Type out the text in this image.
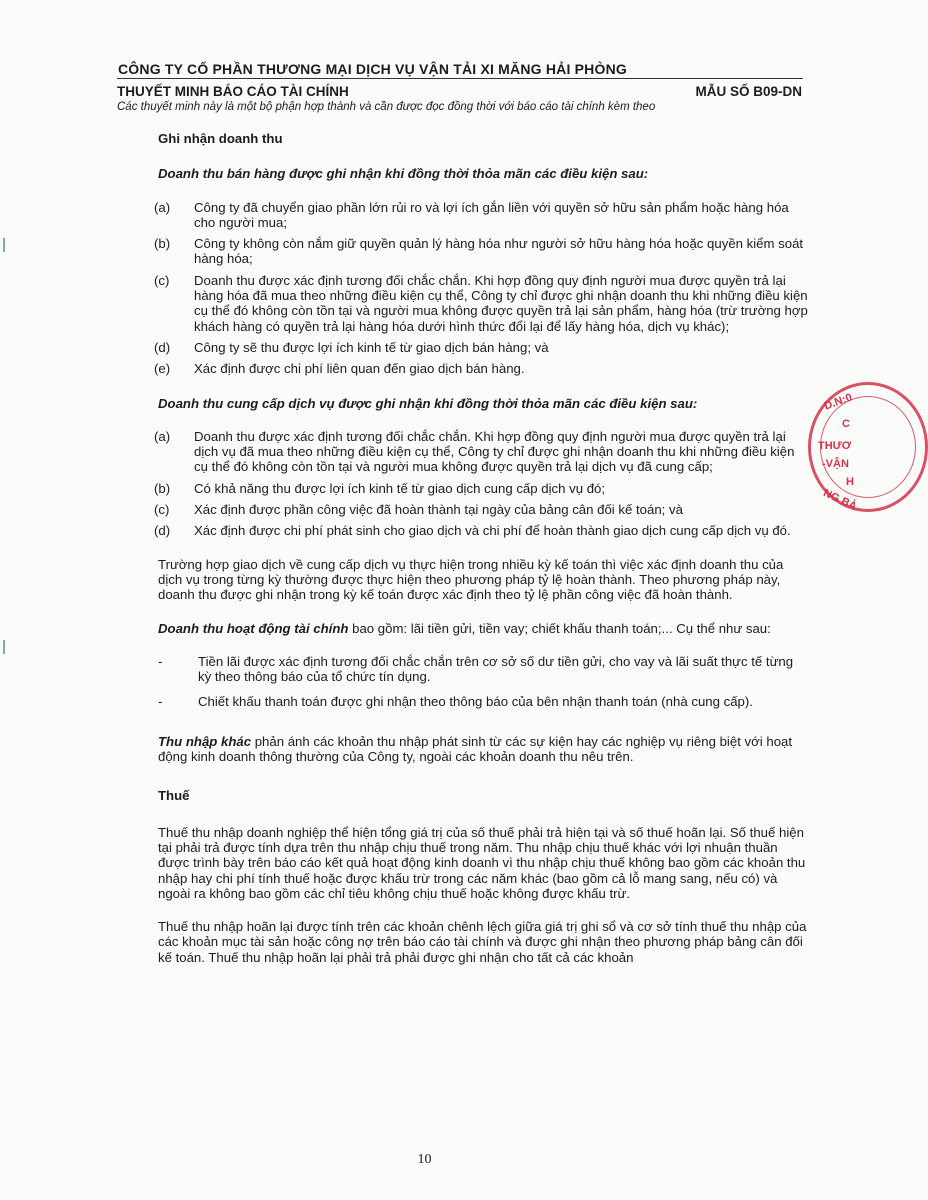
CÔNG TY CỔ PHẦN THƯƠNG MẠI DỊCH VỤ VẬN TẢI XI MĂNG HẢI PHÒNG
THUYẾT MINH BÁO CÁO TÀI CHÍNH	MẪU SỐ B09-DN
Các thuyết minh này là một bộ phận hợp thành và cần được đọc đồng thời với báo cáo tài chính kèm theo
D.N:0
C
THƯƠ
-VẬN
H
NG BÀ

Ghi nhận doanh thu

Doanh thu bán hàng được ghi nhận khi đồng thời thỏa mãn các điều kiện sau:

(a)	Công ty đã chuyển giao phần lớn rủi ro và lợi ích gắn liền với quyền sở hữu sản phẩm hoặc hàng hóa cho người mua;
(b)	Công ty không còn nắm giữ quyền quản lý hàng hóa như người sở hữu hàng hóa hoặc quyền kiểm soát hàng hóa;
(c)	Doanh thu được xác định tương đối chắc chắn. Khi hợp đồng quy định người mua được quyền trả lại hàng hóa đã mua theo những điều kiện cụ thể, Công ty chỉ được ghi nhận doanh thu khi những điều kiện cụ thể đó không còn tồn tại và người mua không được quyền trả lại sản phẩm, hàng hóa (trừ trường hợp khách hàng có quyền trả lại hàng hóa dưới hình thức đổi lại để lấy hàng hóa, dịch vụ khác);
(d)	Công ty sẽ thu được lợi ích kinh tế từ giao dịch bán hàng; và
(e)	Xác định được chi phí liên quan đến giao dịch bán hàng.

Doanh thu cung cấp dịch vụ được ghi nhận khi đồng thời thỏa mãn các điều kiện sau:

(a)	Doanh thu được xác định tương đối chắc chắn. Khi hợp đồng quy định người mua được quyền trả lại dịch vụ đã mua theo những điều kiện cụ thể, Công ty chỉ được ghi nhận doanh thu khi những điều kiện cụ thể đó không còn tồn tại và người mua không được quyền trả lại dịch vụ đã cung cấp;
(b)	Có khả năng thu được lợi ích kinh tế từ giao dịch cung cấp dịch vụ đó;
(c)	Xác định được phần công việc đã hoàn thành tại ngày của bảng cân đối kế toán; và
(d)	Xác định được chi phí phát sinh cho giao dịch và chi phí để hoàn thành giao dịch cung cấp dịch vụ đó.

Trường hợp giao dịch về cung cấp dịch vụ thực hiện trong nhiều kỳ kế toán thì việc xác định doanh thu của dịch vụ trong từng kỳ thường được thực hiện theo phương pháp tỷ lệ hoàn thành. Theo phương pháp này, doanh thu được ghi nhận trong kỳ kế toán được xác định theo tỷ lệ phần công việc đã hoàn thành.

Doanh thu hoạt động tài chính bao gồm: lãi tiền gửi, tiền vay; chiết khấu thanh toán;... Cụ thể như sau:

-	Tiền lãi được xác định tương đối chắc chắn trên cơ sở số dư tiền gửi, cho vay và lãi suất thực tế từng kỳ theo thông báo của tổ chức tín dụng.
-	Chiết khấu thanh toán được ghi nhận theo thông báo của bên nhận thanh toán (nhà cung cấp).

Thu nhập khác phản ánh các khoản thu nhập phát sinh từ các sự kiện hay các nghiệp vụ riêng biệt với hoạt động kinh doanh thông thường của Công ty, ngoài các khoản doanh thu nêu trên.

Thuế

Thuế thu nhập doanh nghiệp thể hiện tổng giá trị của số thuế phải trả hiện tại và số thuế hoãn lại. Số thuế hiện tại phải trả được tính dựa trên thu nhập chịu thuế trong năm. Thu nhập chịu thuế khác với lợi nhuận thuần được trình bày trên báo cáo kết quả hoạt động kinh doanh vì thu nhập chịu thuế không bao gồm các khoản thu nhập hay chi phí tính thuế hoặc được khấu trừ trong các năm khác (bao gồm cả lỗ mang sang, nếu có) và ngoài ra không bao gồm các chỉ tiêu không chịu thuế hoặc không được khấu trừ.

Thuế thu nhập hoãn lại được tính trên các khoản chênh lệch giữa giá trị ghi sổ và cơ sở tính thuế thu nhập của các khoản mục tài sản hoặc công nợ trên báo cáo tài chính và được ghi nhận theo phương pháp bảng cân đối kế toán. Thuế thu nhập hoãn lại phải trả phải được ghi nhận cho tất cả các khoản

10
